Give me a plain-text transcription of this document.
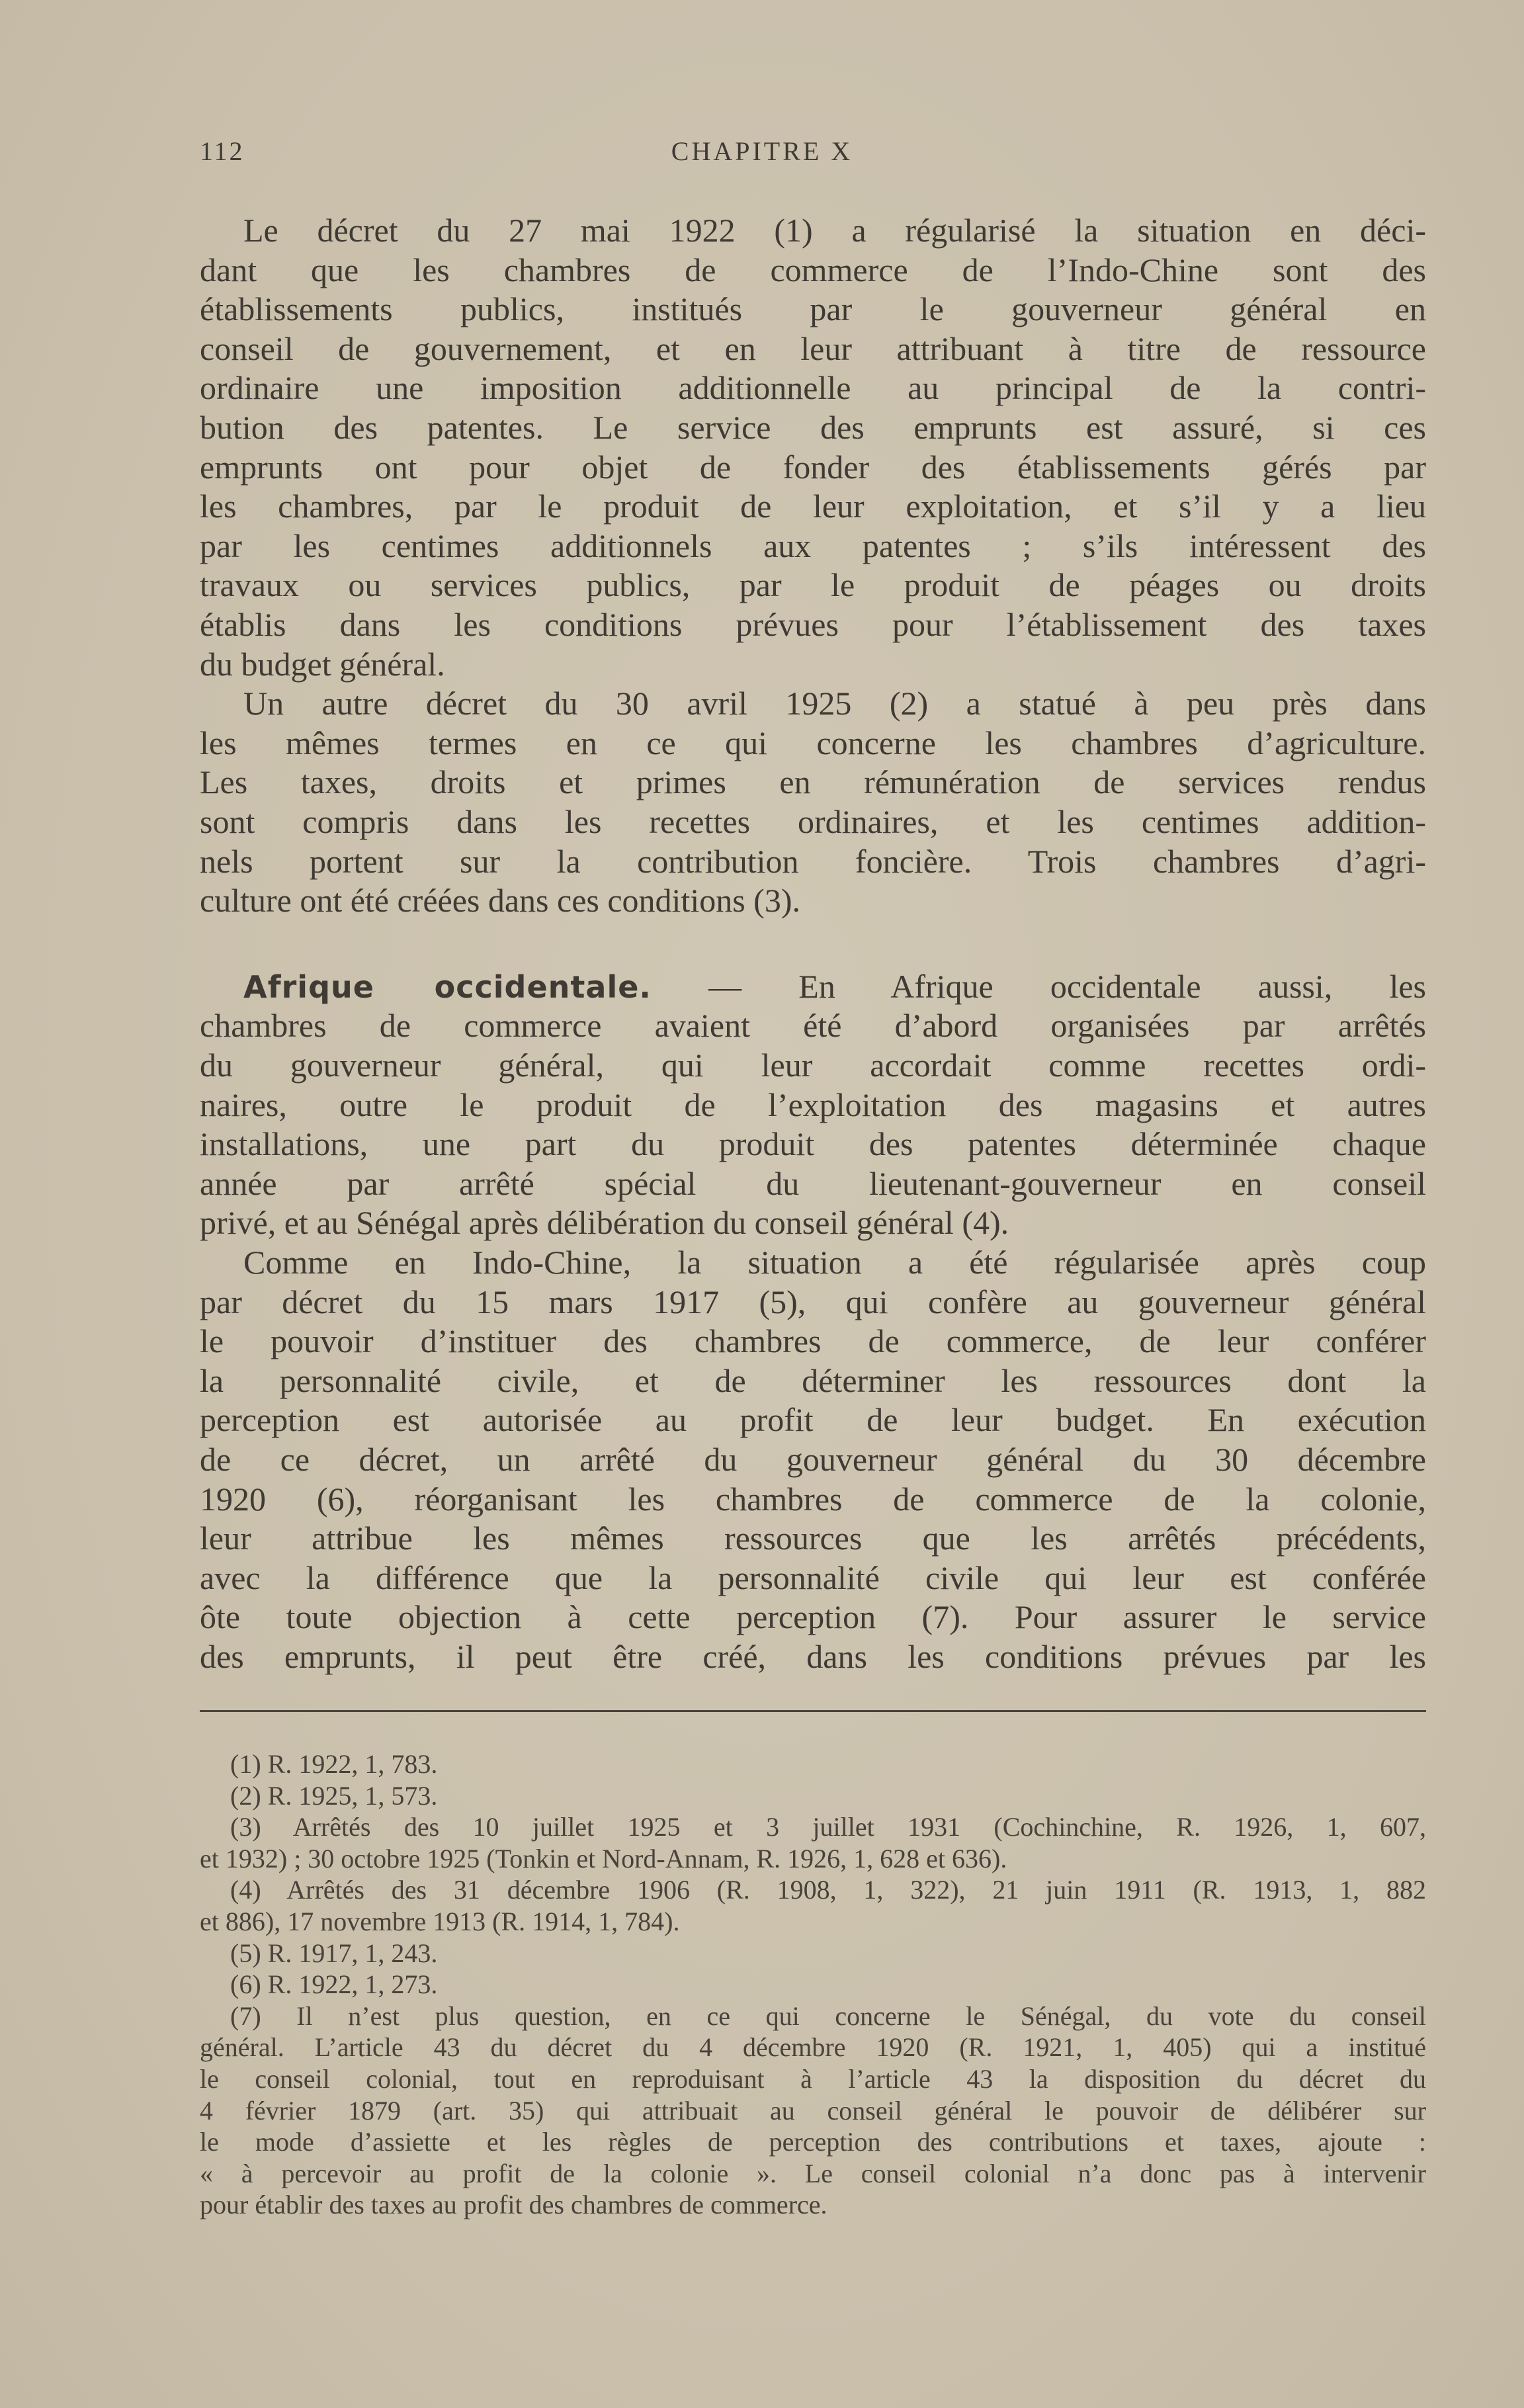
112	CHAPITRE X
Le décret du 27 mai 1922 (1) a régularisé la situation en déci-
dant que les chambres de commerce de l’Indo-Chine sont des
établissements publics, institués par le gouverneur général en
conseil de gouvernement, et en leur attribuant à titre de ressource
ordinaire une imposition additionnelle au principal de la contri-
bution des patentes. Le service des emprunts est assuré, si ces
emprunts ont pour objet de fonder des établissements gérés par
les chambres, par le produit de leur exploitation, et s’il y a lieu
par les centimes additionnels aux patentes ; s’ils intéressent des
travaux ou services publics, par le produit de péages ou droits
établis dans les conditions prévues pour l’établissement des taxes
du budget général.
Un autre décret du 30 avril 1925 (2) a statué à peu près dans
les mêmes termes en ce qui concerne les chambres d’agriculture.
Les taxes, droits et primes en rémunération de services rendus
sont compris dans les recettes ordinaires, et les centimes addition-
nels portent sur la contribution foncière. Trois chambres d’agri-
culture ont été créées dans ces conditions (3).
Afrique occidentale. — En Afrique occidentale aussi, les
chambres de commerce avaient été d’abord organisées par arrêtés
du gouverneur général, qui leur accordait comme recettes ordi-
naires, outre le produit de l’exploitation des magasins et autres
installations, une part du produit des patentes déterminée chaque
année par arrêté spécial du lieutenant-gouverneur en conseil
privé, et au Sénégal après délibération du conseil général (4).
Comme en Indo-Chine, la situation a été régularisée après coup
par décret du 15 mars 1917 (5), qui confère au gouverneur général
le pouvoir d’instituer des chambres de commerce, de leur conférer
la personnalité civile, et de déterminer les ressources dont la
perception est autorisée au profit de leur budget. En exécution
de ce décret, un arrêté du gouverneur général du 30 décembre
1920 (6), réorganisant les chambres de commerce de la colonie,
leur attribue les mêmes ressources que les arrêtés précédents,
avec la différence que la personnalité civile qui leur est conférée
ôte toute objection à cette perception (7). Pour assurer le service
des emprunts, il peut être créé, dans les conditions prévues par les
(1) R. 1922, 1, 783.
(2) R. 1925, 1, 573.
(3) Arrêtés des 10 juillet 1925 et 3 juillet 1931 (Cochinchine, R. 1926, 1, 607,
et 1932) ; 30 octobre 1925 (Tonkin et Nord-Annam, R. 1926, 1, 628 et 636).
(4) Arrêtés des 31 décembre 1906 (R. 1908, 1, 322), 21 juin 1911 (R. 1913, 1, 882
et 886), 17 novembre 1913 (R. 1914, 1, 784).
(5) R. 1917, 1, 243.
(6) R. 1922, 1, 273.
(7) Il n’est plus question, en ce qui concerne le Sénégal, du vote du conseil
général. L’article 43 du décret du 4 décembre 1920 (R. 1921, 1, 405) qui a institué
le conseil colonial, tout en reproduisant à l’article 43 la disposition du décret du
4 février 1879 (art. 35) qui attribuait au conseil général le pouvoir de délibérer sur
le mode d’assiette et les règles de perception des contributions et taxes, ajoute :
« à percevoir au profit de la colonie ». Le conseil colonial n’a donc pas à intervenir
pour établir des taxes au profit des chambres de commerce.
